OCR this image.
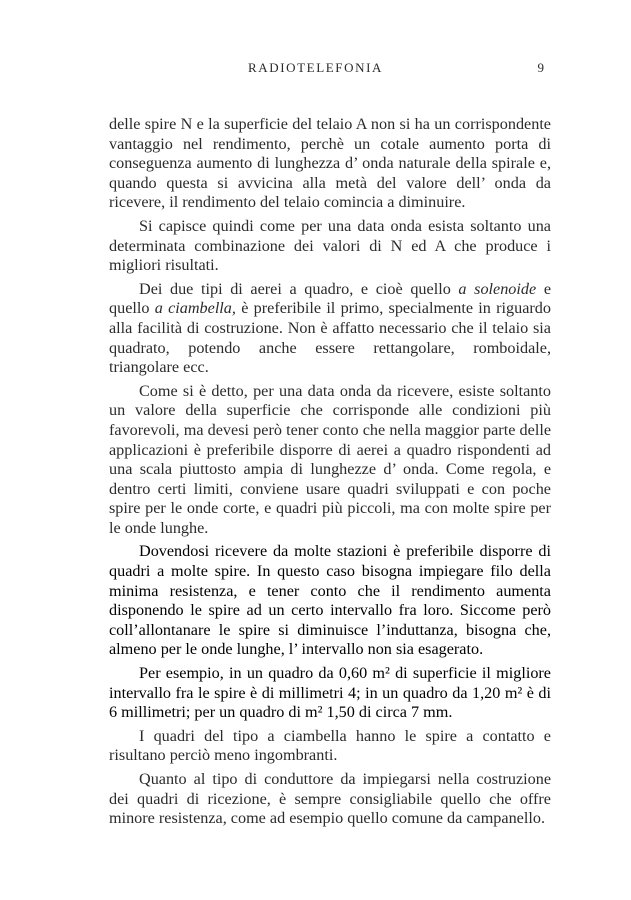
RADIOTELEFONIA	9

delle spire N e la superficie del telaio A non si ha un corrispondente vantaggio nel rendimento, perchè un cotale aumento porta di conseguenza aumento di lunghezza d’ onda naturale della spirale e, quando questa si avvicina alla metà del valore dell’ onda da ricevere, il rendimento del telaio comincia a diminuire.

Si capisce quindi come per una data onda esista soltanto una determinata combinazione dei valori di N ed A che produce i migliori risultati.

Dei due tipi di aerei a quadro, e cioè quello a solenoide e quello a ciambella, è preferibile il primo, specialmente in riguardo alla facilità di costruzione. Non è affatto necessario che il telaio sia quadrato, potendo anche essere rettangolare, romboidale, triangolare ecc.

Come si è detto, per una data onda da ricevere, esiste soltanto un valore della superficie che corrisponde alle condizioni più favorevoli, ma devesi però tener conto che nella maggior parte delle applicazioni è preferibile disporre di aerei a quadro rispondenti ad una scala piuttosto ampia di lunghezze d’ onda. Come regola, e dentro certi limiti, conviene usare quadri sviluppati e con poche spire per le onde corte, e quadri più piccoli, ma con molte spire per le onde lunghe.

Dovendosi ricevere da molte stazioni è preferibile disporre di quadri a molte spire. In questo caso bisogna impiegare filo della minima resistenza, e tener conto che il rendimento aumenta disponendo le spire ad un certo intervallo fra loro. Siccome però coll’allontanare le spire si diminuisce l’induttanza, bisogna che, almeno per le onde lunghe, l’ intervallo non sia esagerato.

Per esempio, in un quadro da 0,60 m² di superficie il migliore intervallo fra le spire è di millimetri 4; in un quadro da 1,20 m² è di 6 millimetri; per un quadro di m² 1,50 di circa 7 mm.

I quadri del tipo a ciambella hanno le spire a contatto e risultano perciò meno ingombranti.

Quanto al tipo di conduttore da impiegarsi nella costruzione dei quadri di ricezione, è sempre consigliabile quello che offre minore resistenza, come ad esempio quello comune da campanello.
